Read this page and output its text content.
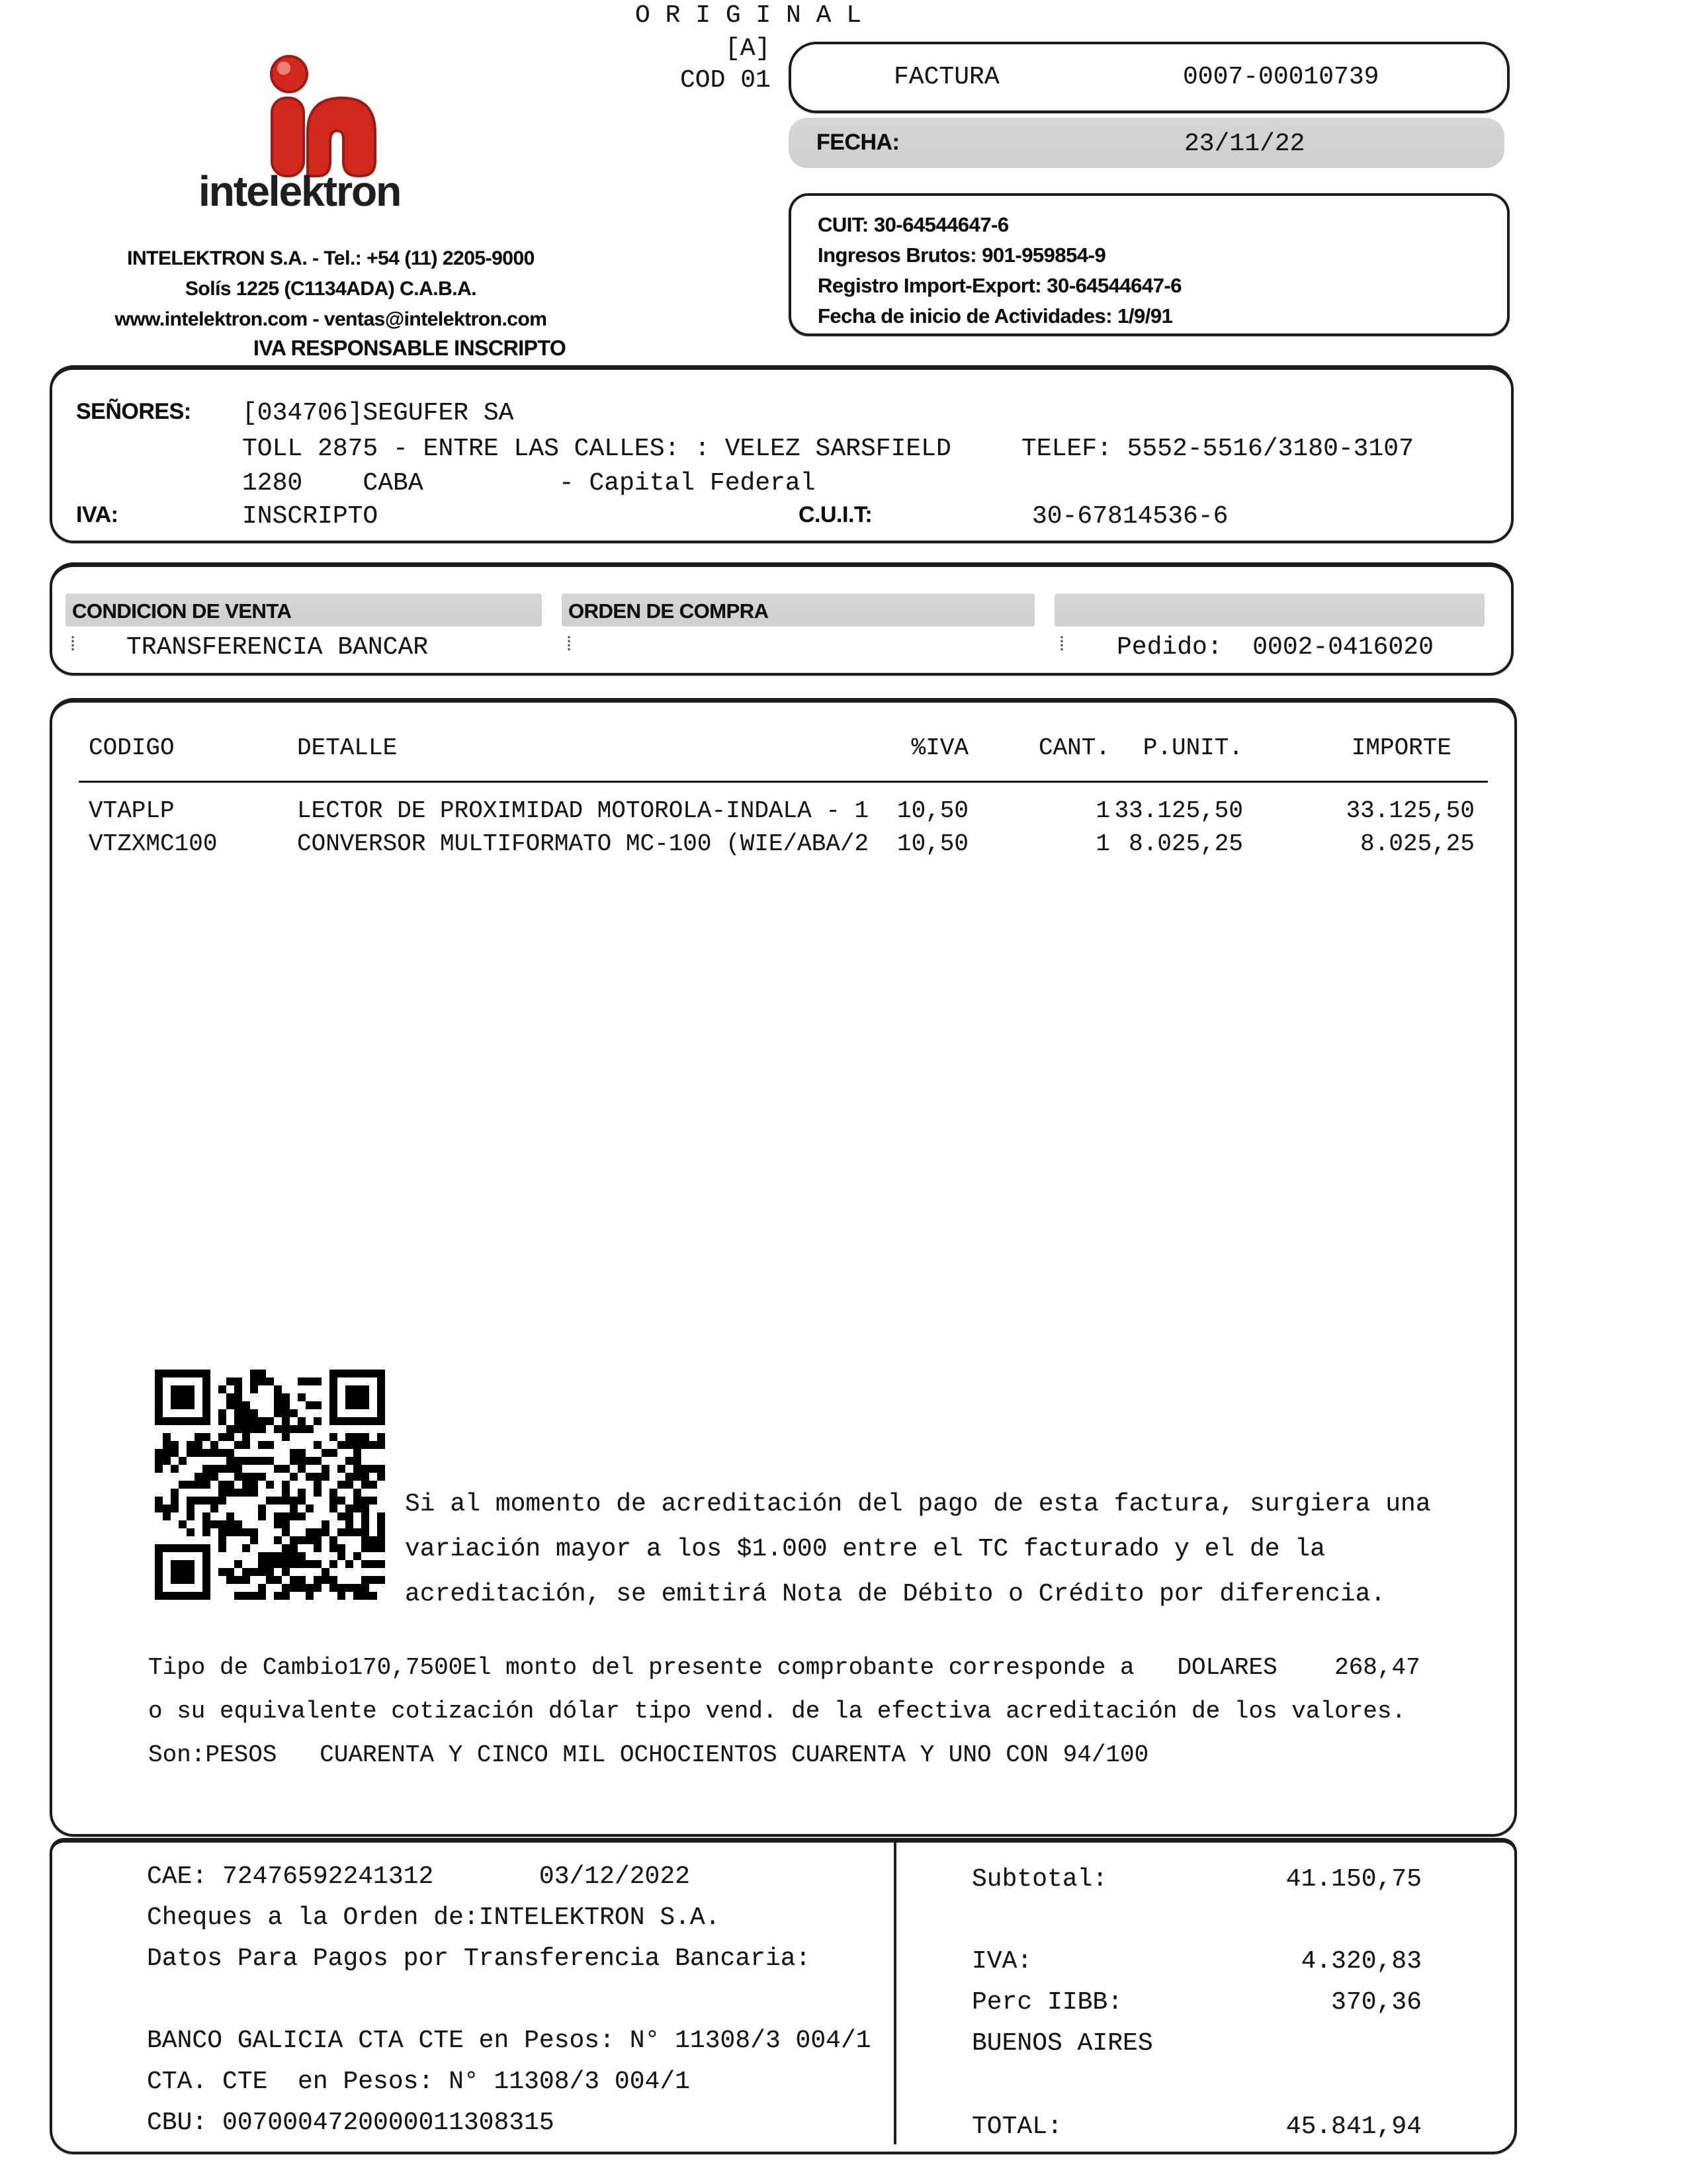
O R I G I N A L
[A]
COD 01
intelektron
INTELEKTRON S.A. - Tel.: +54 (11) 2205-9000
Solís 1225 (C1134ADA) C.A.B.A.
www.intelektron.com - ventas@intelektron.com
IVA RESPONSABLE INSCRIPTO
FACTURA	0007-00010739
FECHA:	23/11/22
CUIT: 30-64544647-6
Ingresos Brutos: 901-959854-9
Registro Import-Export: 30-64544647-6
Fecha de inicio de Actividades: 1/9/91
SEÑORES: [034706]SEGUFER SA
TOLL 2875 - ENTRE LAS CALLES: : VELEZ SARSFIELD	TELEF: 5552-5516/3180-3107
1280    CABA         - Capital Federal
IVA:	INSCRIPTO	C.U.I.T:	30-67814536-6
CONDICION DE VENTA	ORDEN DE COMPRA
⁞ TRANSFERENCIA BANCAR	⁞	⁞ Pedido:  0002-0416020
CODIGO	DETALLE	%IVA	CANT.	P.UNIT.	IMPORTE
VTAPLP	LECTOR DE PROXIMIDAD MOTOROLA-INDALA - 1	10,50	1 33.125,50	33.125,50
VTZXMC100	CONVERSOR MULTIFORMATO MC-100 (WIE/ABA/2	10,50	1 8.025,25	8.025,25
Si al momento de acreditación del pago de esta factura, surgiera una
variación mayor a los $1.000 entre el TC facturado y el de la
acreditación, se emitirá Nota de Débito o Crédito por diferencia.
Tipo de Cambio170,7500El monto del presente comprobante corresponde a   DOLARES    268,47
o su equivalente cotización dólar tipo vend. de la efectiva acreditación de los valores.
Son:PESOS   CUARENTA Y CINCO MIL OCHOCIENTOS CUARENTA Y UNO CON 94/100
CAE: 72476592241312       03/12/2022
Cheques a la Orden de:INTELEKTRON S.A.
Datos Para Pagos por Transferencia Bancaria:
BANCO GALICIA CTA CTE en Pesos: N° 11308/3 004/1
CTA. CTE  en Pesos: N° 11308/3 004/1
CBU: 0070004720000011308315
Subtotal:	41.150,75
IVA:	4.320,83
Perc IIBB:	370,36
BUENOS AIRES
TOTAL:	45.841,94
